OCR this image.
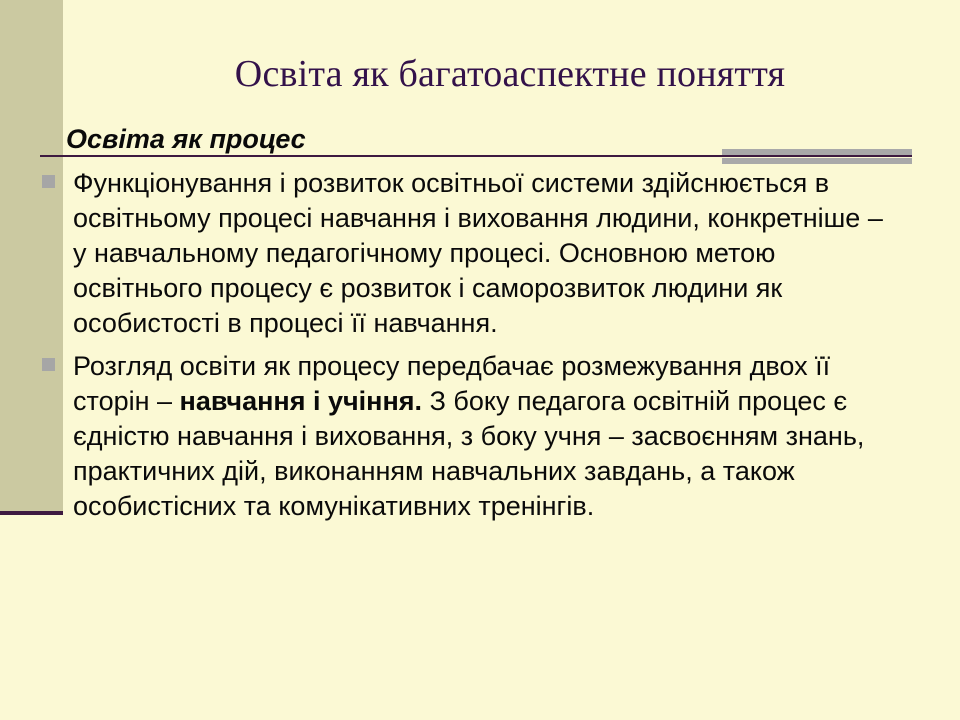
Освіта як багатоаспектне поняття

Освіта як процес

Функціонування і розвиток освітньої системи здійснюється в освітньому процесі навчання і виховання людини, конкретніше – у навчальному педагогічному процесі. Основною метою освітнього процесу є розвиток і саморозвиток людини як особистості в процесі її навчання.
Розгляд освіти як процесу передбачає розмежування двох її сторін – навчання і учіння. З боку педагога освітній процес є єдністю навчання і виховання, з боку учня – засвоєнням знань, практичних дій, виконанням навчальних завдань, а також особистісних та комунікативних тренінгів.
